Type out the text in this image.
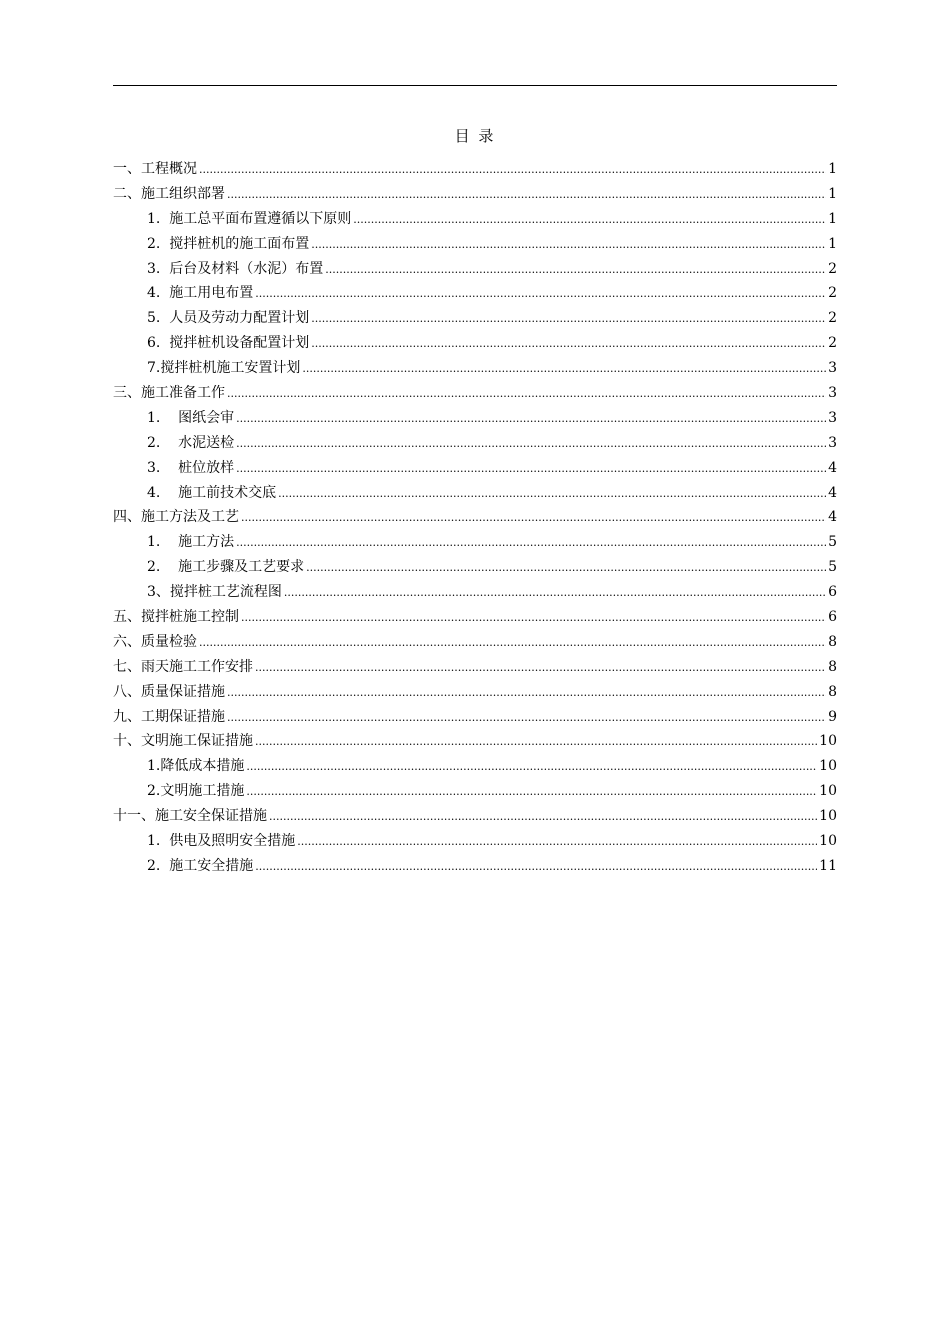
目 录
一、工程概况 .....	1
二、施工组织部署 .....	1
1.  施工总平面布置遵循以下原则 .....	1
2.  搅拌桩机的施工面布置 .....	1
3.  后台及材料（水泥）布置 .....	2
4.  施工用电布置 .....	2
5.  人员及劳动力配置计划 .....	2
6.  搅拌桩机设备配置计划 .....	2
7.搅拌桩机施工安置计划 .....	3
三、施工准备工作 .....	3
1.    图纸会审 .....	3
2.    水泥送检 .....	3
3.    桩位放样 .....	4
4.    施工前技术交底 .....	4
四、施工方法及工艺 .....	4
1.    施工方法 .....	5
2.    施工步骤及工艺要求 .....	5
3、搅拌桩工艺流程图 .....	6
五、搅拌桩施工控制 .....	6
六、质量检验 .....	8
七、雨天施工工作安排 .....	8
八、质量保证措施 .....	8
九、工期保证措施 .....	9
十、文明施工保证措施 .....	10
1.降低成本措施 .....	10
2.文明施工措施 .....	10
十一、施工安全保证措施 .....	10
1.  供电及照明安全措施 .....	10
2.  施工安全措施 .....	11
